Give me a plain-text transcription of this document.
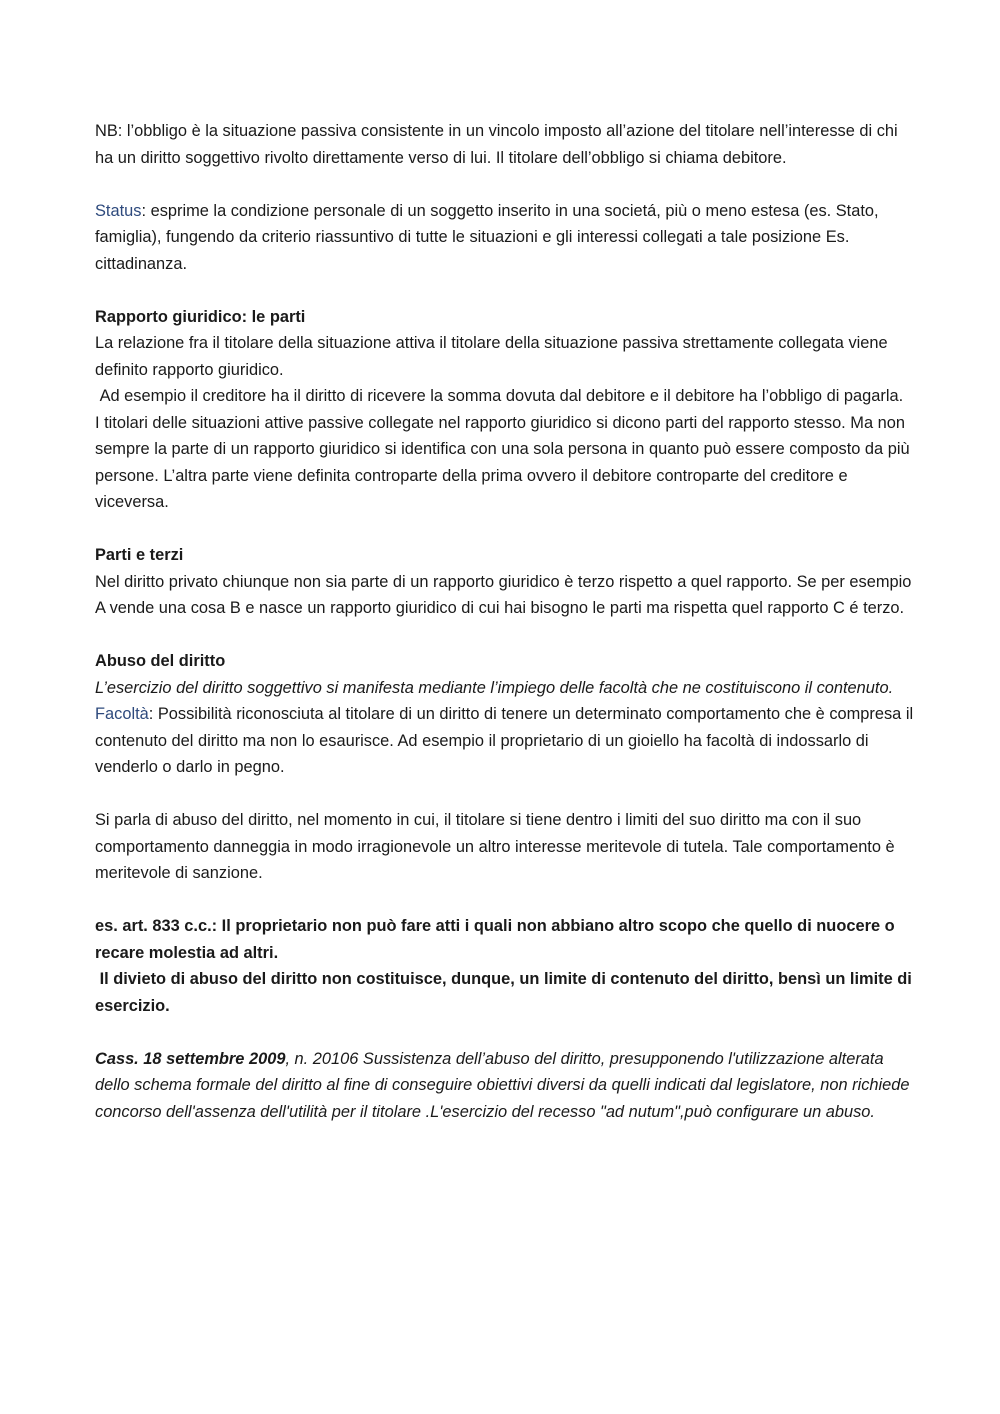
NB: l’obbligo è la situazione passiva consistente in un vincolo imposto all’azione del titolare nell’interesse di chi ha un diritto soggettivo rivolto direttamente verso di lui. Il titolare dell’obbligo si chiama debitore.

Status: esprime la condizione personale di un soggetto inserito in una societá, più o meno estesa (es. Stato, famiglia), fungendo da criterio riassuntivo di tutte le situazioni e gli interessi collegati a tale posizione Es. cittadinanza.

Rapporto giuridico: le parti

La relazione fra il titolare della situazione attiva il titolare della situazione passiva strettamente collegata viene definito rapporto giuridico.

Ad esempio il creditore ha il diritto di ricevere la somma dovuta dal debitore e il debitore ha l’obbligo di pagarla.

I titolari delle situazioni attive passive collegate nel rapporto giuridico si dicono parti del rapporto stesso. Ma non sempre la parte di un rapporto giuridico si identifica con una sola persona in quanto può essere composto da più persone. L’altra parte viene definita controparte della prima ovvero il debitore controparte del creditore e viceversa.

Parti e terzi

Nel diritto privato chiunque non sia parte di un rapporto giuridico è terzo rispetto a quel rapporto. Se per esempio A vende una cosa B e nasce un rapporto giuridico di cui hai bisogno le parti ma rispetta quel rapporto C é terzo.

Abuso del diritto

L’esercizio del diritto soggettivo si manifesta mediante l’impiego delle facoltà che ne costituiscono il contenuto.

Facoltà: Possibilità riconosciuta al titolare di un diritto di tenere un determinato comportamento che è compresa il contenuto del diritto ma non lo esaurisce. Ad esempio il proprietario di un gioiello ha facoltà di indossarlo di venderlo o darlo in pegno.

Si parla di abuso del diritto, nel momento in cui, il titolare si tiene dentro i limiti del suo diritto ma con il suo comportamento danneggia in modo irragionevole un altro interesse meritevole di tutela. Tale comportamento è meritevole di sanzione.

es. art. 833 c.c.: Il proprietario non può fare atti i quali non abbiano altro scopo che quello di nuocere o recare molestia ad altri.

Il divieto di abuso del diritto non costituisce, dunque, un limite di contenuto del diritto, bensì un limite di esercizio.

Cass. 18 settembre 2009, n. 20106 Sussistenza dell’abuso del diritto, presupponendo l'utilizzazione alterata dello schema formale del diritto al fine di conseguire obiettivi diversi da quelli indicati dal legislatore, non richiede concorso dell'assenza dell'utilità per il titolare .L'esercizio del recesso "ad nutum",può configurare un abuso.
